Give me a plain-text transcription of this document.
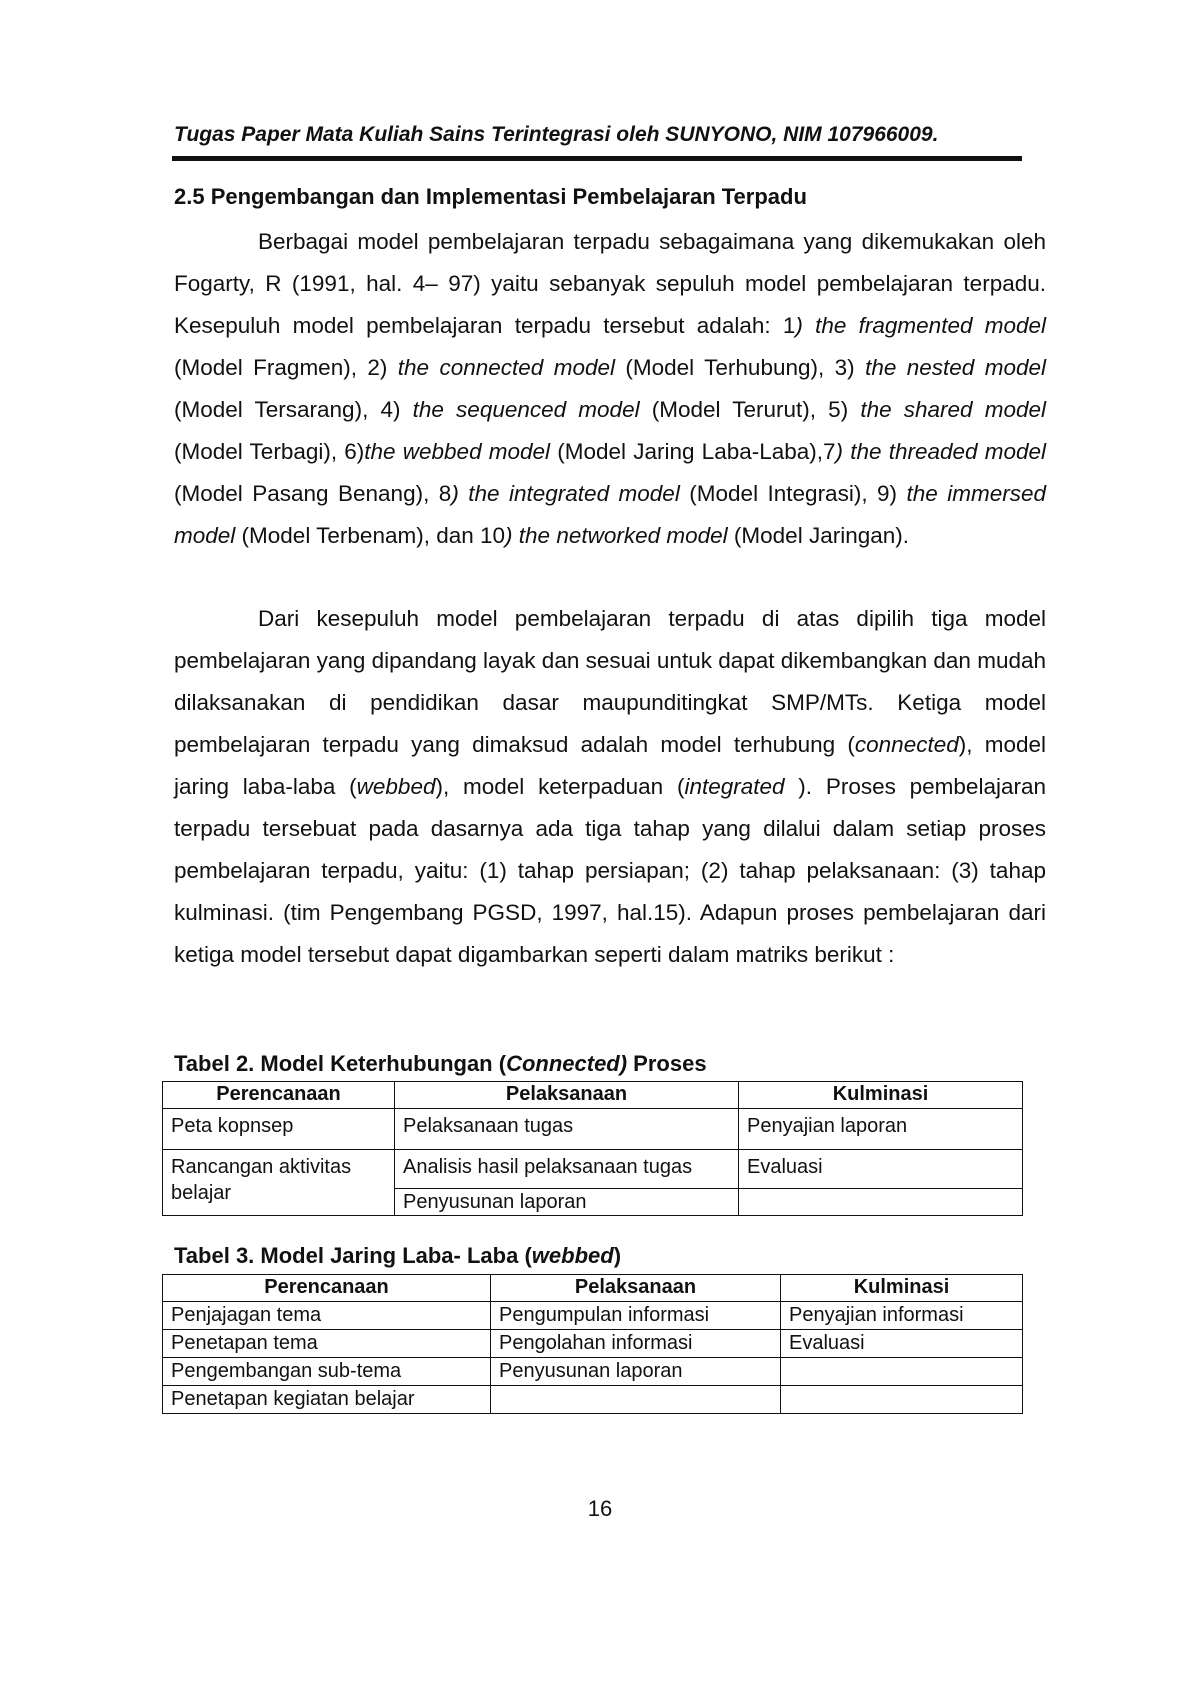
Tugas Paper Mata Kuliah Sains Terintegrasi oleh SUNYONO, NIM 107966009.
2.5 Pengembangan dan Implementasi Pembelajaran Terpadu

Berbagai model pembelajaran terpadu sebagaimana yang dikemukakan oleh Fogarty, R (1991, hal. 4– 97) yaitu sebanyak sepuluh model pembelajaran terpadu. Kesepuluh model pembelajaran terpadu tersebut adalah: 1) the fragmented model (Model Fragmen), 2) the connected model (Model Terhubung), 3) the nested model (Model Tersarang), 4) the sequenced model (Model Terurut), 5) the shared model (Model Terbagi), 6)the webbed model (Model Jaring Laba-Laba),7) the threaded model (Model Pasang Benang), 8) the integrated model (Model Integrasi), 9) the immersed model (Model Terbenam), dan 10) the networked model (Model Jaringan).

Dari kesepuluh model pembelajaran terpadu di atas dipilih tiga model pembelajaran yang dipandang layak dan sesuai untuk dapat dikembangkan dan mudah dilaksanakan di pendidikan dasar maupunditingkat SMP/MTs. Ketiga model pembelajaran terpadu yang dimaksud adalah model terhubung (connected), model jaring laba-laba (webbed), model keterpaduan (integrated ). Proses pembelajaran terpadu tersebuat pada dasarnya ada tiga tahap yang dilalui dalam setiap proses pembelajaran terpadu, yaitu: (1) tahap persiapan; (2) tahap pelaksanaan: (3) tahap kulminasi. (tim Pengembang PGSD, 1997, hal.15). Adapun proses pembelajaran dari ketiga model tersebut dapat digambarkan seperti dalam matriks berikut :

Tabel 2. Model Keterhubungan (Connected) Proses
Perencanaan	Pelaksanaan	Kulminasi
Peta kopnsep	Pelaksanaan tugas	Penyajian laporan
Rancangan aktivitas belajar	Analisis hasil pelaksanaan tugas	Evaluasi
	Penyusunan laporan	
Tabel 3. Model Jaring Laba- Laba (webbed)
Perencanaan	Pelaksanaan	Kulminasi
Penjajagan tema	Pengumpulan informasi	Penyajian informasi
Penetapan tema	Pengolahan informasi	Evaluasi
Pengembangan sub-tema	Penyusunan laporan	
Penetapan kegiatan belajar		
16
